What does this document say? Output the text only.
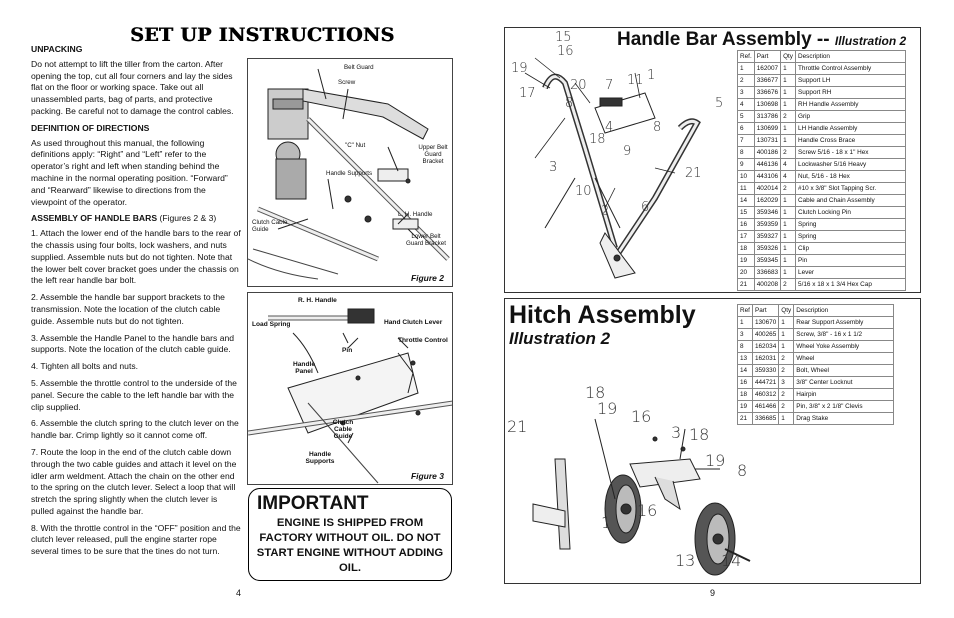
SET UP INSTRUCTIONS
UNPACKING

Do not attempt to lift the tiller from the carton. After opening the top, cut all four corners and lay the sides flat on the floor or working space. Take out all unassembled parts, bag of parts, and protective packing. Be careful not to damage the control cables.

DEFINITION OF DIRECTIONS

As used throughout this manual, the following definitions apply: “Right” and “Left” refer to the operator’s right and left when standing behind the machine in the normal operating position. “Forward” and “Rearward” likewise to directions from the viewpoint of the operator.

ASSEMBLY OF HANDLE BARS (Figures 2 & 3)

1. Attach the lower end of the handle bars to the rear of the chassis using four bolts, lock washers, and nuts supplied. Assemble nuts but do not tighten. Note that the lower belt cover bracket goes under the chassis on the left rear handle bar bolt.

2. Assemble the handle bar support brackets to the transmission. Note the location of the clutch cable guide. Assemble nuts but do not tighten.

3. Assemble the Handle Panel to the handle bars and supports. Note the location of the clutch cable guide.

4. Tighten all bolts and nuts.

5. Assemble the throttle control to the underside of the panel. Secure the cable to the left handle bar with the clip supplied.

6. Assemble the clutch spring to the clutch lever on the handle bar. Crimp lightly so it cannot come off.

7. Route the loop in the end of the clutch cable down through the two cable guides and attach it level on the idler arm weldment. Attach the chain on the other end to the spring on the clutch lever. Select a loop that will stretch the spring slightly when the clutch lever is pulled against the handle bar.

8. With the throttle control in the “OFF” position and the clutch lever released, pull the engine starter rope several times to be sure that the tines do not turn.

Belt Guard
Screw
"C" Nut	Upper Belt Guard Bracket
Handle Supports
L. H. Handle
Clutch Cable Guide
Lower Belt Guard Bracket
Figure 2
R. H. Handle
Load Spring	Hand Clutch Lever
Throttle Control
Pin
Handle Panel
Clutch Cable Guide
Handle Supports
Figure 3
IMPORTANT
ENGINE IS SHIPPED FROM FACTORY WITHOUT OIL. DO NOT START ENGINE WITHOUT ADDING OIL.
4
Handle Bar Assembly -- Illustration 2
15
16
19
17
20
8
7 11 1
5
4	8
18
9
3
10
2 6
21
Ref.	Part	Qty	Description
1	162007	1	Throttle Control Assembly
2	336677	1	Support LH
3	336676	1	Support RH
4	130698	1	RH Handle Assembly
5	313786	2	Grip
6	130699	1	LH Handle Assembly
7	130731	1	Handle Cross Brace
8	400186	2	Screw 5/16 - 18 x 1" Hex
9	446136	4	Lockwasher 5/16 Heavy
10	443106	4	Nut, 5/16 - 18 Hex
11	402014	2	#10 x 3/8" Slot Tapping Scr.
14	162029	1	Cable and Chain Assembly
15	359346	1	Clutch Locking Pin
16	359359	1	Spring
17	359327	1	Spring
18	359326	1	Clip
19	359345	1	Pin
20	336683	1	Lever
21	400208	2	5/16 x 18 x 1 3/4 Hex Cap
Hitch Assembly
Illustration 2
18
19
21
16
3 18
19
8
1
16
13 14
Ref	Part	Qty	Description
1	130670	1	Rear Support Assembly
3	400265	1	Screw, 3/8" - 16 x 1 1/2
8	162034	1	Wheel Yoke Assembly
13	162031	2	Wheel
14	359330	2	Bolt, Wheel
16	444721	3	3/8" Center Locknut
18	460312	2	Hairpin
19	461466	2	Pin, 3/8" x 2 1/8" Clevis
21	336685	1	Drag Stake
9
